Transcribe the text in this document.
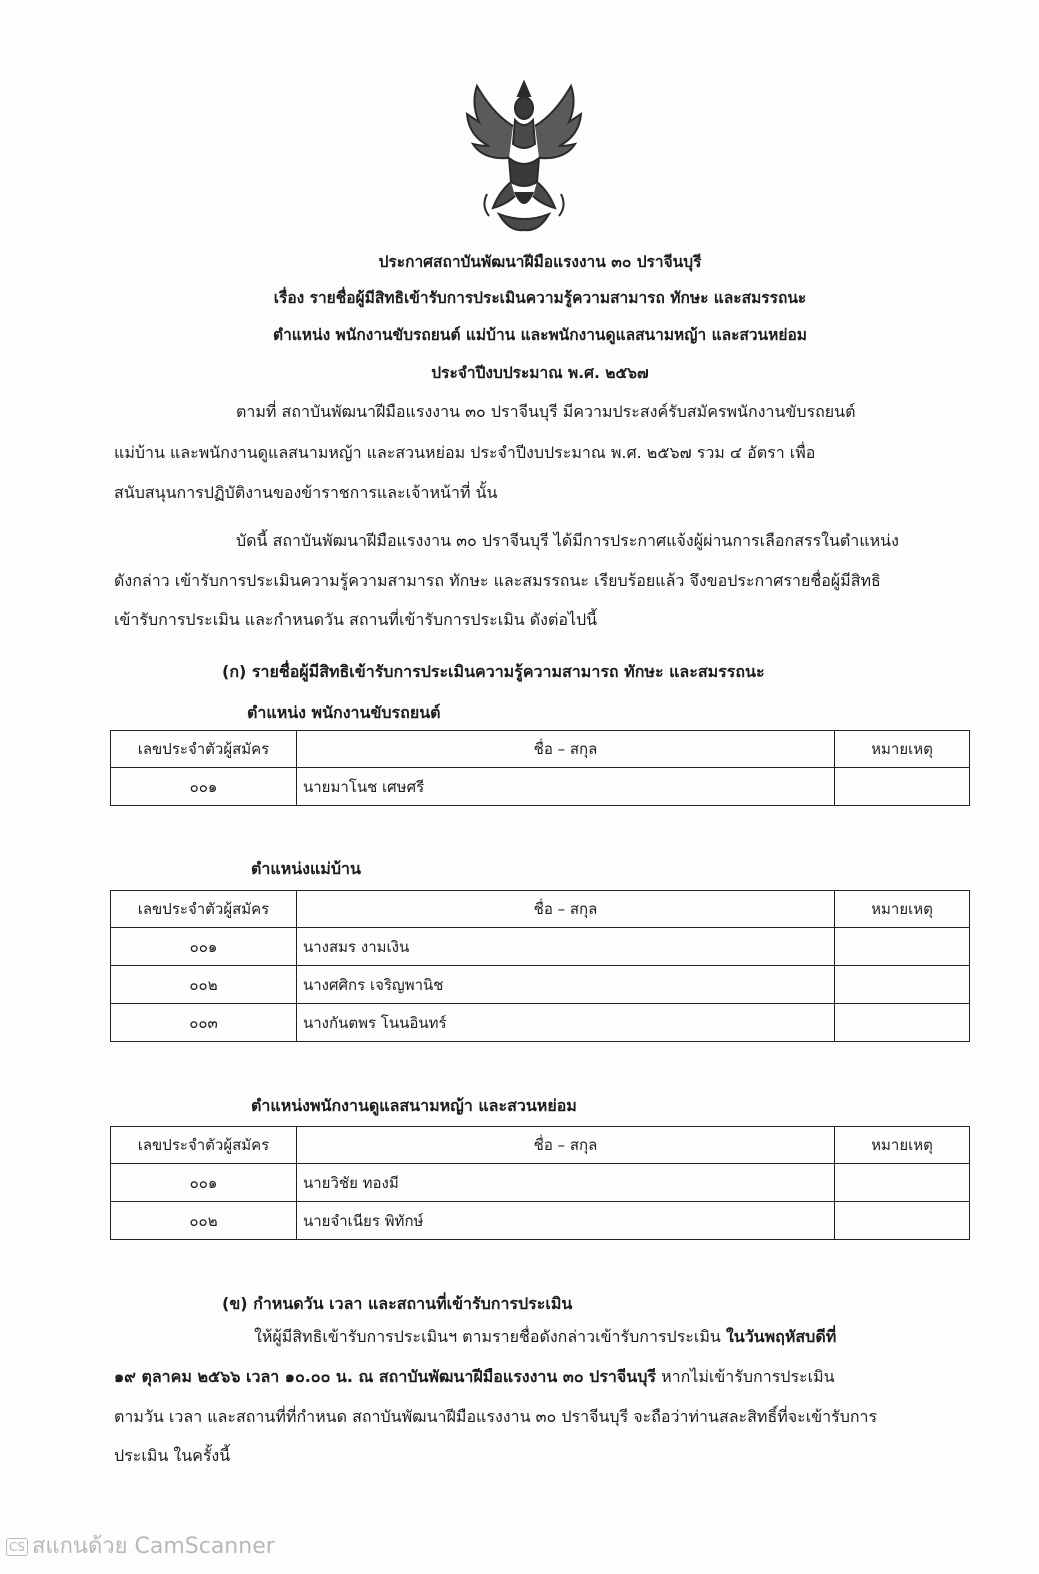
ประกาศสถาบันพัฒนาฝีมือแรงงาน ๓๐ ปราจีนบุรี
เรื่อง รายชื่อผู้มีสิทธิเข้ารับการประเมินความรู้ความสามารถ ทักษะ และสมรรถนะ
ตำแหน่ง พนักงานขับรถยนต์ แม่บ้าน และพนักงานดูแลสนามหญ้า และสวนหย่อม
ประจำปีงบประมาณ พ.ศ. ๒๕๖๗
ตามที่ สถาบันพัฒนาฝีมือแรงงาน ๓๐ ปราจีนบุรี มีความประสงค์รับสมัครพนักงานขับรถยนต์
แม่บ้าน และพนักงานดูแลสนามหญ้า และสวนหย่อม ประจำปีงบประมาณ พ.ศ. ๒๕๖๗ รวม ๔ อัตรา เพื่อ
สนับสนุนการปฏิบัติงานของข้าราชการและเจ้าหน้าที่ นั้น
บัดนี้ สถาบันพัฒนาฝีมือแรงงาน ๓๐ ปราจีนบุรี ได้มีการประกาศแจ้งผู้ผ่านการเลือกสรรในตำแหน่ง
ดังกล่าว เข้ารับการประเมินความรู้ความสามารถ ทักษะ และสมรรถนะ เรียบร้อยแล้ว จึงขอประกาศรายชื่อผู้มีสิทธิ
เข้ารับการประเมิน และกำหนดวัน สถานที่เข้ารับการประเมิน ดังต่อไปนี้
(ก) รายชื่อผู้มีสิทธิเข้ารับการประเมินความรู้ความสามารถ ทักษะ และสมรรถนะ
ตำแหน่ง พนักงานขับรถยนต์
เลขประจำตัวผู้สมัคร	ชื่อ – สกุล	หมายเหตุ
๐๐๑	นายมาโนช เศษศรี	
ตำแหน่งแม่บ้าน
เลขประจำตัวผู้สมัคร	ชื่อ – สกุล	หมายเหตุ
๐๐๑	นางสมร งามเงิน	
๐๐๒	นางศศิกร เจริญพานิช	
๐๐๓	นางกันตพร โนนอินทร์	
ตำแหน่งพนักงานดูแลสนามหญ้า และสวนหย่อม
เลขประจำตัวผู้สมัคร	ชื่อ – สกุล	หมายเหตุ
๐๐๑	นายวิชัย ทองมี	
๐๐๒	นายจำเนียร พิทักษ์	
(ข) กำหนดวัน เวลา และสถานที่เข้ารับการประเมิน
ให้ผู้มีสิทธิเข้ารับการประเมินฯ ตามรายชื่อดังกล่าวเข้ารับการประเมิน ในวันพฤหัสบดีที่
๑๙ ตุลาคม ๒๕๖๖ เวลา ๑๐.๐๐ น. ณ สถาบันพัฒนาฝีมือแรงงาน ๓๐ ปราจีนบุรี หากไม่เข้ารับการประเมิน
ตามวัน เวลา และสถานที่ที่กำหนด สถาบันพัฒนาฝีมือแรงงาน ๓๐ ปราจีนบุรี จะถือว่าท่านสละสิทธิ์ที่จะเข้ารับการ
ประเมิน ในครั้งนี้
CS สแกนด้วย CamScanner
